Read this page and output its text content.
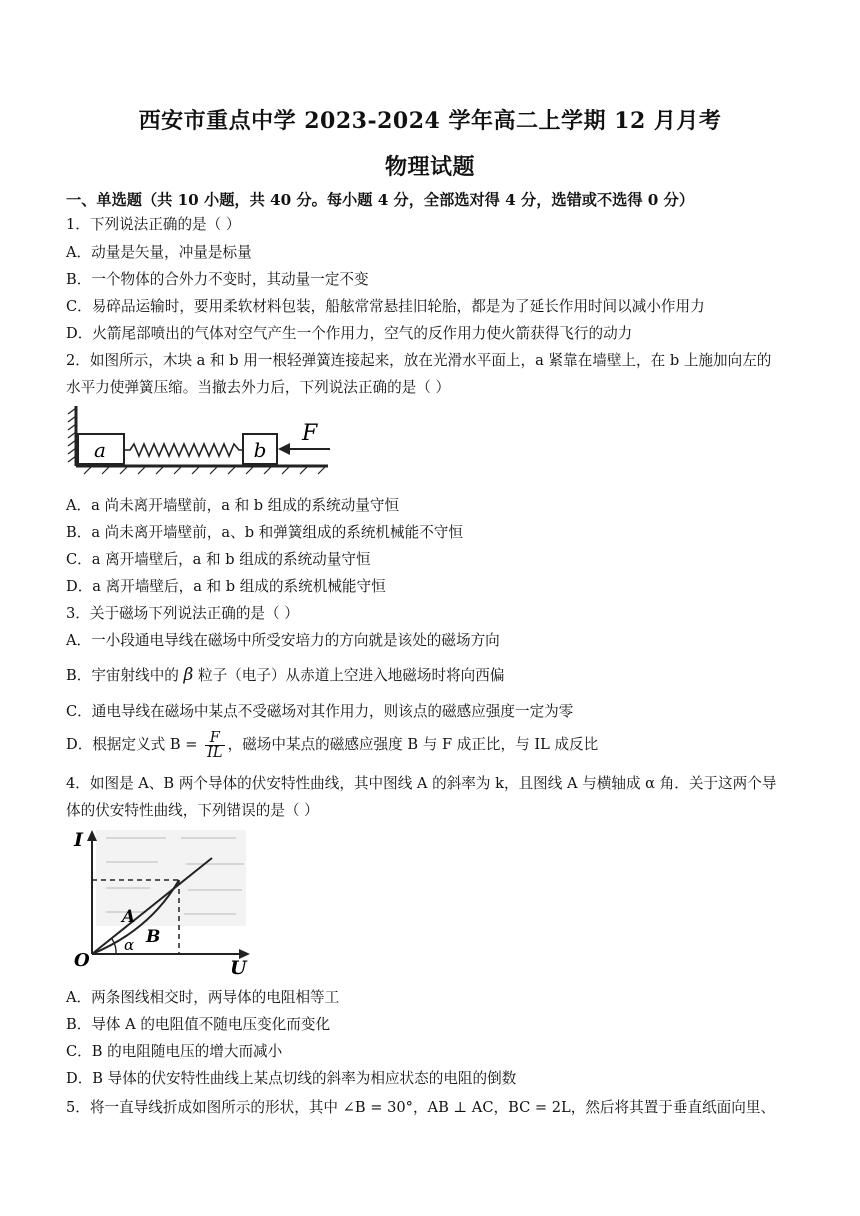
西安市重点中学 2023-2024 学年高二上学期 12 月月考
物理试题
一、单选题（共 10 小题，共 40 分。每小题 4 分，全部选对得 4 分，选错或不选得 0 分）
1．下列说法正确的是（ ）
A．动量是矢量，冲量是标量
B．一个物体的合外力不变时，其动量一定不变
C．易碎品运输时，要用柔软材料包装，船舷常常悬挂旧轮胎，都是为了延长作用时间以减小作用力
D．火箭尾部喷出的气体对空气产生一个作用力，空气的反作用力使火箭获得飞行的动力
2．如图所示，木块 a 和 b 用一根轻弹簧连接起来，放在光滑水平面上，a 紧靠在墙壁上，在 b 上施加向左的
水平力使弹簧压缩。当撤去外力后，下列说法正确的是（ ）
a	b
F
A．a 尚未离开墙壁前，a 和 b 组成的系统动量守恒
B．a 尚未离开墙壁前，a、b 和弹簧组成的系统机械能不守恒
C．a 离开墙壁后，a 和 b 组成的系统动量守恒
D．a 离开墙壁后，a 和 b 组成的系统机械能守恒
3．关于磁场下列说法正确的是（ ）
A．一小段通电导线在磁场中所受安培力的方向就是该处的磁场方向
B．宇宙射线中的 β 粒子（电子）从赤道上空进入地磁场时将向西偏
C．通电导线在磁场中某点不受磁场对其作用力，则该点的磁感应强度一定为零
D．根据定义式 $B = \frac{F}{IL}$ ，磁场中某点的磁感应强度 B 与 F 成正比，与 IL 成反比
4．如图是 A、B 两个导体的伏安特性曲线，其中图线 A 的斜率为 k，且图线 A 与横轴成 α 角．关于这两个导
体的伏安特性曲线，下列错误的是（ ）
I
U
O
A
B
α
A．两条图线相交时，两导体的电阻相等工
B．导体 A 的电阻值不随电压变化而变化
C．B 的电阻随电压的增大而减小
D．B 导体的伏安特性曲线上某点切线的斜率为相应状态的电阻的倒数
5．将一直导线折成如图所示的形状，其中 ∠B = 30°，AB ⊥ AC，BC = 2L，然后将其置于垂直纸面向里、
